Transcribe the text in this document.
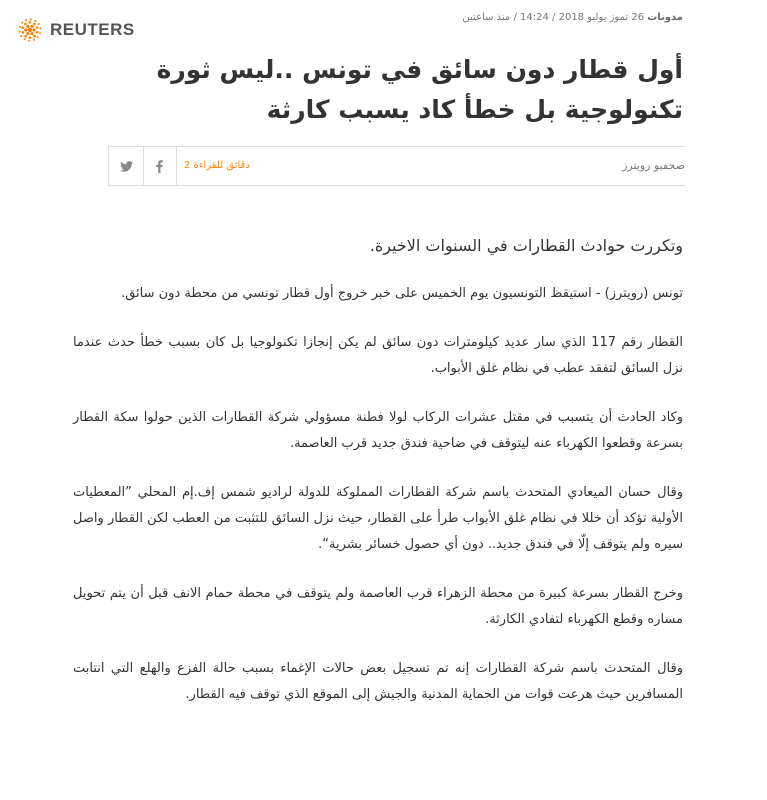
REUTERS
مدونات 26 تموز يوليو 2018 / 14:24 / منذ ساعتين
أول قطار دون سائق في تونس ..ليس ثورة تكنولوجية بل خطأ كاد يسبب كارثة
دقائق للقراءة 2	صحفيو رويترز

وتكررت حوادث القطارات في السنوات الاخيرة.

تونس (رويترز) - استيقظ التونسيون يوم الخميس على خبر خروج أول قطار تونسي من محطة دون سائق.

القطار رقم 117 الذي سار عديد كيلومترات دون سائق لم يكن إنجازا تكنولوجيا بل كان بسبب خطأ حدث عندما نزل السائق لتفقد عطب في نظام غلق الأبواب.

وكاد الحادث أن يتسبب في مقتل عشرات الركاب لولا فطنة مسؤولي شركة القطارات الذين حولوا سكة القطار بسرعة وقطعوا الكهرباء عنه ليتوقف في ضاحية فندق جديد قرب العاصمة.

وقال حسان الميعادي المتحدث باسم شركة القطارات المملوكة للدولة لراديو شمس إف.إم المحلي ”المعطيات الأولية تؤكد أن خللا في نظام غلق الأبواب طرأ على القطار، حيث نزل السائق للتثبت من العطب لكن القطار واصل سيره ولم يتوقف إلّا في فندق جديد.. دون أي حصول خسائر بشرية“.

وخرج القطار بسرعة كبيرة من محطة الزهراء قرب العاصمة ولم يتوقف في محطة حمام الانف قبل أن يتم تحويل مساره وقطع الكهرباء لتفادي الكارثة.

وقال المتحدث باسم شركة القطارات إنه تم تسجيل بعض حالات الإغماء بسبب حالة الفزع والهلع التي انتابت المسافرين حيث هرعت قوات من الحماية المدنية والجيش إلى الموقع الذي توقف فيه القطار.
